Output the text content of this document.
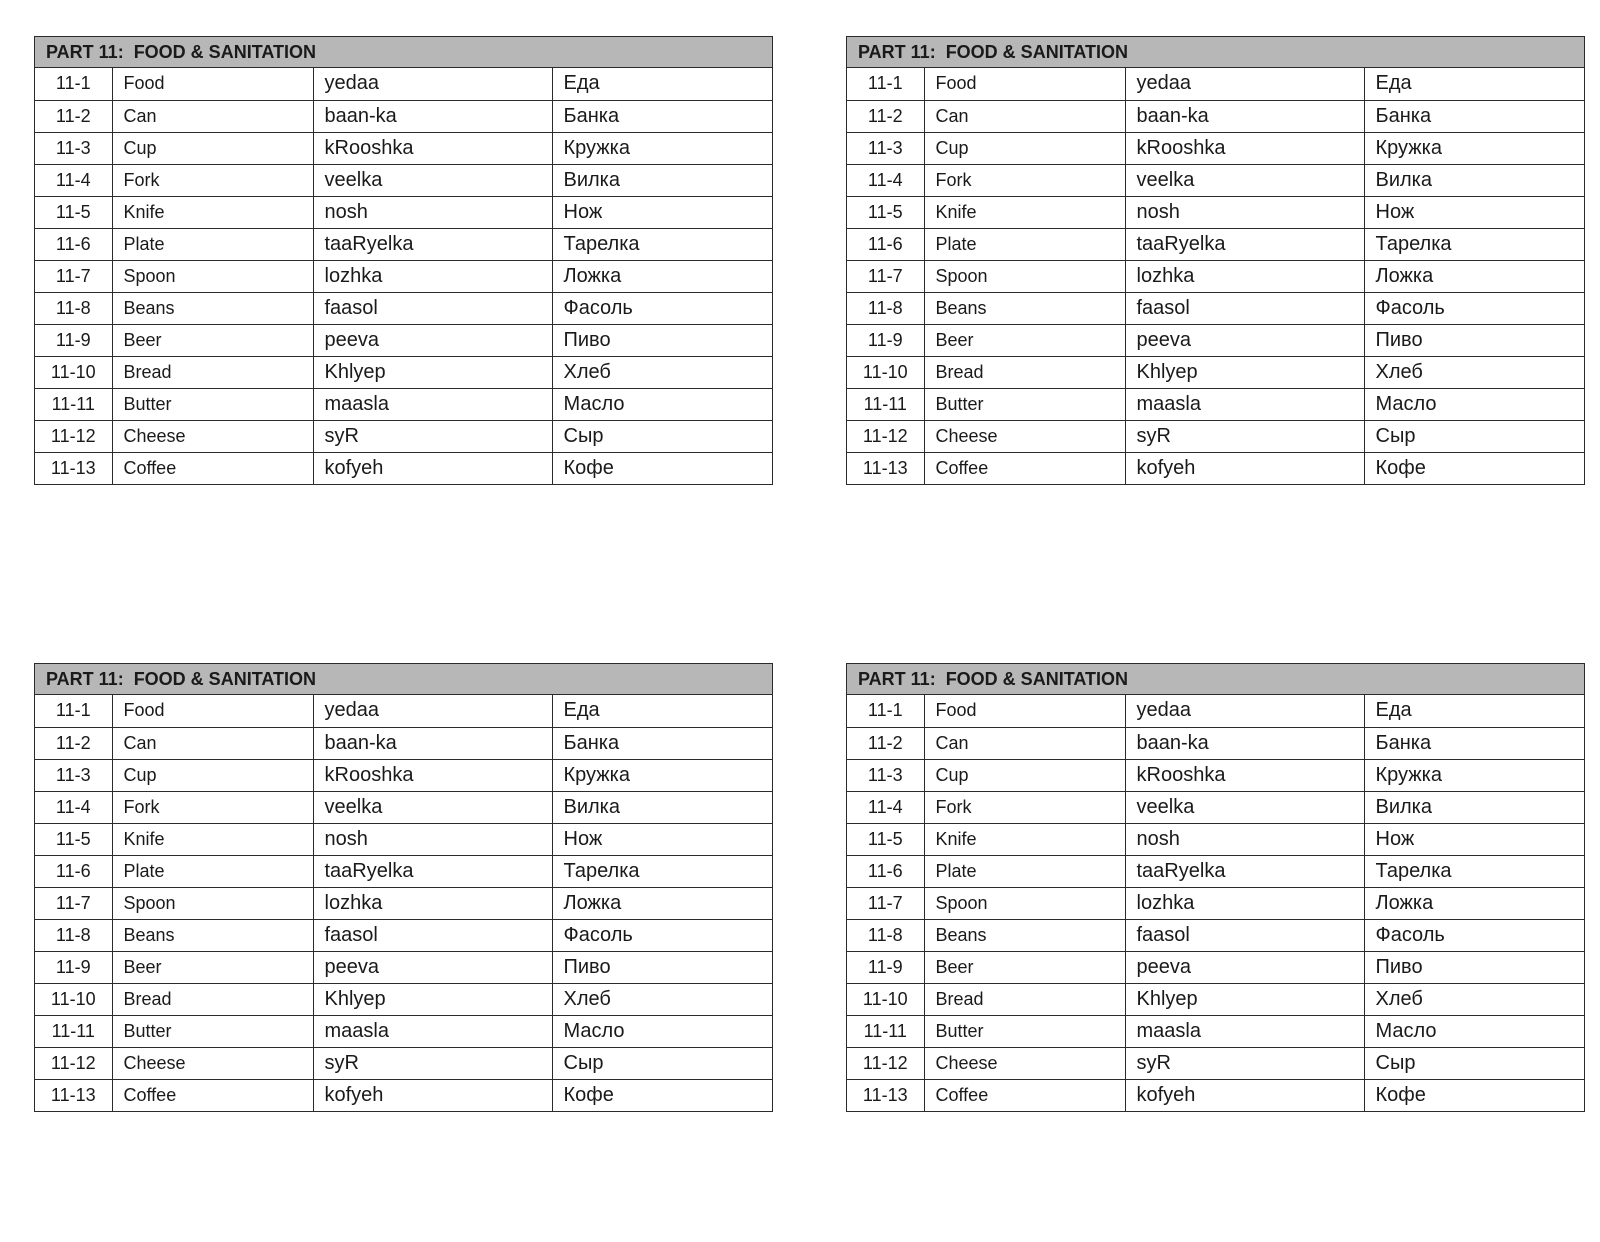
PART 11:  FOOD & SANITATION
11-1	Food	yedaa	Еда
11-2	Can	baan-ka	Банка
11-3	Cup	kRooshka	Кружка
11-4	Fork	veelka	Вилка
11-5	Knife	nosh	Нож
11-6	Plate	taaRyelka	Тарелка
11-7	Spoon	lozhka	Ложка
11-8	Beans	faasol	Фасоль
11-9	Beer	peeva	Пиво
11-10	Bread	Khlyep	Хлеб
11-11	Butter	maasla	Масло
11-12	Cheese	syR	Сыр
11-13	Coffee	kofyeh	Кофе
PART 11:  FOOD & SANITATION
11-1	Food	yedaa	Еда
11-2	Can	baan-ka	Банка
11-3	Cup	kRooshka	Кружка
11-4	Fork	veelka	Вилка
11-5	Knife	nosh	Нож
11-6	Plate	taaRyelka	Тарелка
11-7	Spoon	lozhka	Ложка
11-8	Beans	faasol	Фасоль
11-9	Beer	peeva	Пиво
11-10	Bread	Khlyep	Хлеб
11-11	Butter	maasla	Масло
11-12	Cheese	syR	Сыр
11-13	Coffee	kofyeh	Кофе
PART 11:  FOOD & SANITATION
11-1	Food	yedaa	Еда
11-2	Can	baan-ka	Банка
11-3	Cup	kRooshka	Кружка
11-4	Fork	veelka	Вилка
11-5	Knife	nosh	Нож
11-6	Plate	taaRyelka	Тарелка
11-7	Spoon	lozhka	Ложка
11-8	Beans	faasol	Фасоль
11-9	Beer	peeva	Пиво
11-10	Bread	Khlyep	Хлеб
11-11	Butter	maasla	Масло
11-12	Cheese	syR	Сыр
11-13	Coffee	kofyeh	Кофе
PART 11:  FOOD & SANITATION
11-1	Food	yedaa	Еда
11-2	Can	baan-ka	Банка
11-3	Cup	kRooshka	Кружка
11-4	Fork	veelka	Вилка
11-5	Knife	nosh	Нож
11-6	Plate	taaRyelka	Тарелка
11-7	Spoon	lozhka	Ложка
11-8	Beans	faasol	Фасоль
11-9	Beer	peeva	Пиво
11-10	Bread	Khlyep	Хлеб
11-11	Butter	maasla	Масло
11-12	Cheese	syR	Сыр
11-13	Coffee	kofyeh	Кофе
